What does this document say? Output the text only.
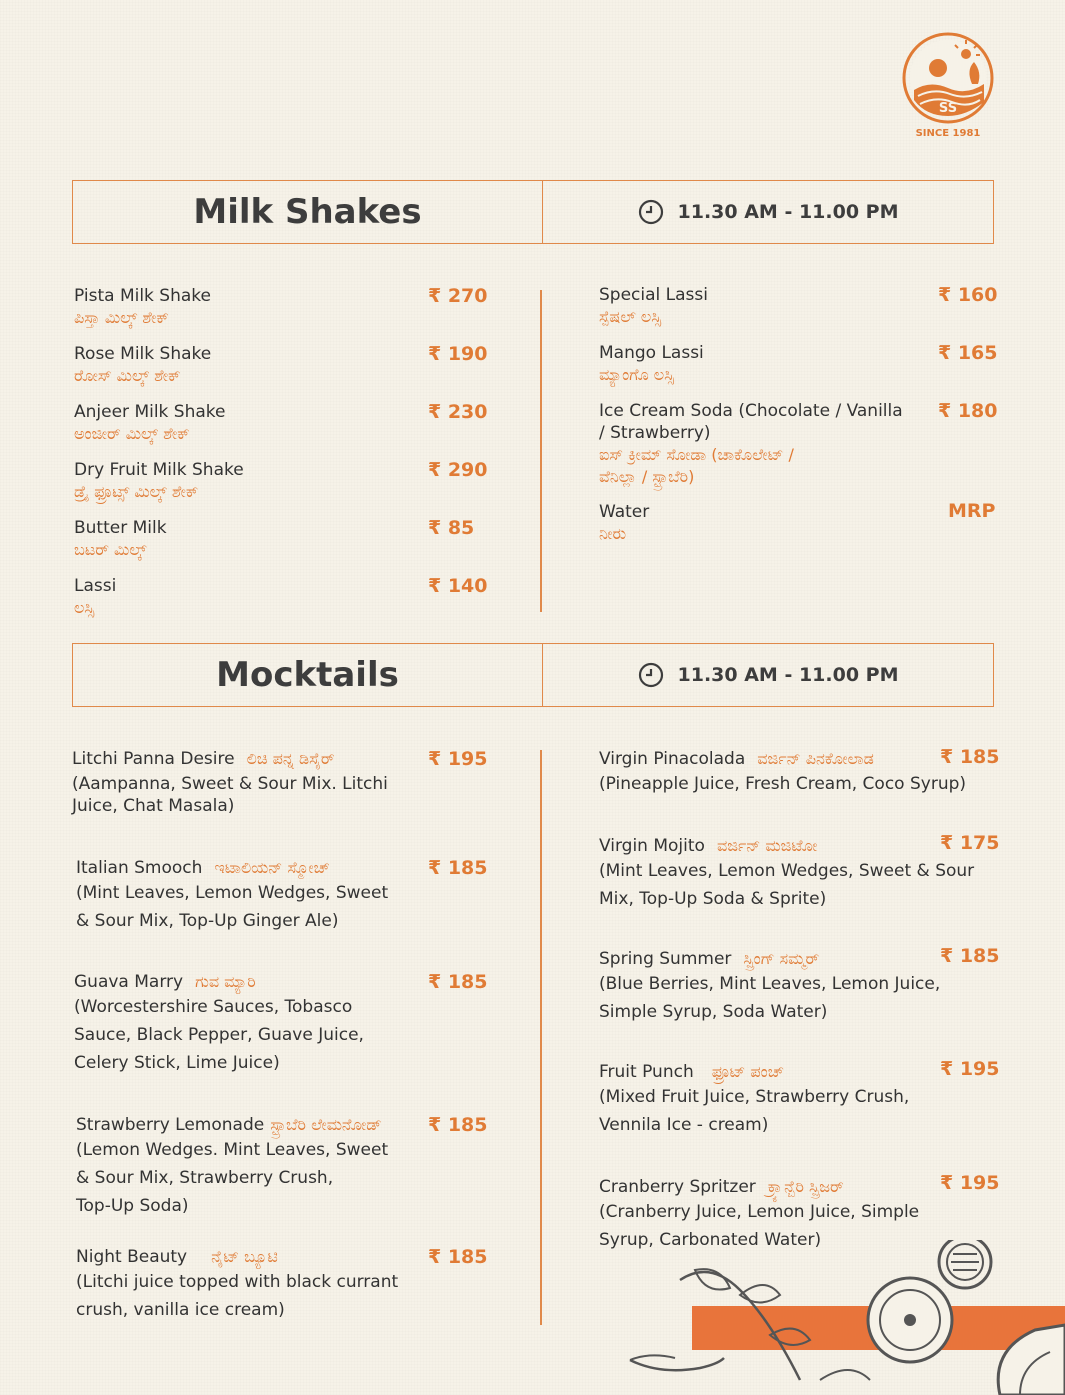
SS
SINCE 1981
Milk Shakes	11.30 AM - 11.00 PM
Pista Milk Shake
ಪಿಸ್ತಾ ಮಿಲ್ಕ್ ಶೇಕ್
₹ 270
Rose Milk Shake
ರೋಸ್ ಮಿಲ್ಕ್ ಶೇಕ್
₹ 190
Anjeer Milk Shake
ಅಂಜೀರ್ ಮಿಲ್ಕ್ ಶೇಕ್
₹ 230
Dry Fruit Milk Shake
ಡ್ರೈ ಫ್ರೂಟ್ಸ್ ಮಿಲ್ಕ್ ಶೇಕ್
₹ 290
Butter Milk
ಬಟರ್ ಮಿಲ್ಕ್
₹ 85
Lassi
ಲಸ್ಸಿ
₹ 140
Special Lassi
ಸ್ಪೆಷಲ್ ಲಸ್ಸಿ
₹ 160
Mango Lassi
ಮ್ಯಾಂಗೊ ಲಸ್ಸಿ
₹ 165
Ice Cream Soda (Chocolate / Vanilla
/ Strawberry)
ಐಸ್ ಕ್ರೀಮ್ ಸೋಡಾ (ಚಾಕೊಲೇಟ್ /
ವೆನಿಲ್ಲಾ / ಸ್ಟ್ರಾಬೆರಿ)
₹ 180
Water
ನೀರು
MRP
Mocktails	11.30 AM - 11.00 PM
Litchi Panna Desire ಲಿಚಿ ಪನ್ನ ಡಿಸೈರ್
(Aampanna, Sweet & Sour Mix. Litchi
Juice, Chat Masala)
₹ 195
Italian Smooch ಇಟಾಲಿಯನ್ ಸ್ಮೋಚ್
(Mint Leaves, Lemon Wedges, Sweet
& Sour Mix, Top-Up Ginger Ale)
₹ 185
Guava Marry ಗುವ ಮ್ಯಾರಿ
(Worcestershire Sauces, Tobasco
Sauce, Black Pepper, Guave Juice,
Celery Stick, Lime Juice)
₹ 185
Strawberry Lemonade ಸ್ಟ್ರಾಬೆರಿ ಲೇಮನೋಡ್
(Lemon Wedges. Mint Leaves, Sweet
& Sour Mix, Strawberry Crush,
Top-Up Soda)
₹ 185
Night Beauty ನೈಟ್ ಬ್ಯೂಟಿ
(Litchi juice topped with black currant
crush, vanilla ice cream)
₹ 185
Virgin Pinacolada ವರ್ಜಿನ್ ಪಿನಕೋಲಾಡ
(Pineapple Juice, Fresh Cream, Coco Syrup)
₹ 185
Virgin Mojito ವರ್ಜಿನ್ ಮಜಿಟೋ
(Mint Leaves, Lemon Wedges, Sweet & Sour
Mix, Top-Up Soda & Sprite)
₹ 175
Spring Summer ಸ್ಪ್ರಿಂಗ್ ಸಮ್ಮರ್
(Blue Berries, Mint Leaves, Lemon Juice,
Simple Syrup, Soda Water)
₹ 185
Fruit Punch ಫ್ರೂಟ್ ಪಂಚ್
(Mixed Fruit Juice, Strawberry Crush,
Vennila Ice - cream)
₹ 195
Cranberry Spritzer ಕ್ರ್ಯಾನ್ಬೆರಿ ಸ್ಪ್ರಿಜರ್
(Cranberry Juice, Lemon Juice, Simple
Syrup, Carbonated Water)
₹ 195
